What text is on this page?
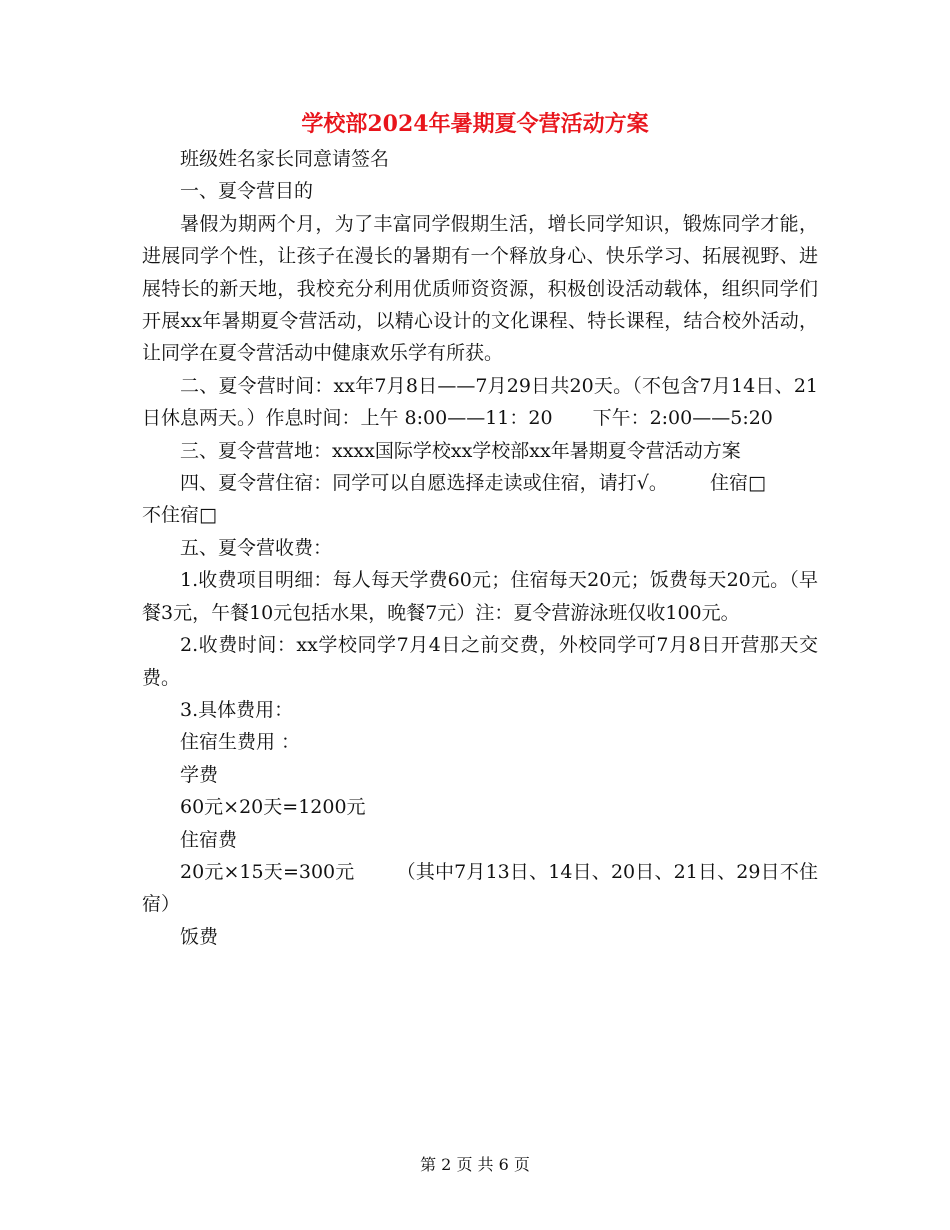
学校部2024年暑期夏令营活动方案

班级姓名家长同意请签名

一、夏令营目的

暑假为期两个月，为了丰富同学假期生活，增长同学知识，锻炼同学才能，进展同学个性，让孩子在漫长的暑期有一个释放身心、快乐学习、拓展视野、进展特长的新天地，我校充分利用优质师资资源，积极创设活动载体，组织同学们开展xx年暑期夏令营活动，以精心设计的文化课程、特长课程，结合校外活动，让同学在夏令营活动中健康欢乐学有所获。

二、夏令营时间：xx年7月8日——7月29日共20天。（不包含7月14日、21日休息两天。）作息时间：上午 8:00——11：20 下午：2:00——5:20

三、夏令营营地：xxxx国际学校xx学校部xx年暑期夏令营活动方案

四、夏令营住宿：同学可以自愿选择走读或住宿，请打√。 住宿□不住宿□

五、夏令营收费：

1.收费项目明细：每人每天学费60元；住宿每天20元；饭费每天20元。（早餐3元，午餐10元包括水果，晚餐7元）注：夏令营游泳班仅收100元。

2.收费时间：xx学校同学7月4日之前交费，外校同学可7月8日开营那天交费。

3.具体费用：

住宿生费用 ：

学费

60元×20天=1200元

住宿费

20元×15天=300元 （其中7月13日、14日、20日、21日、29日不住宿）

饭费

第 2 页 共 6 页
